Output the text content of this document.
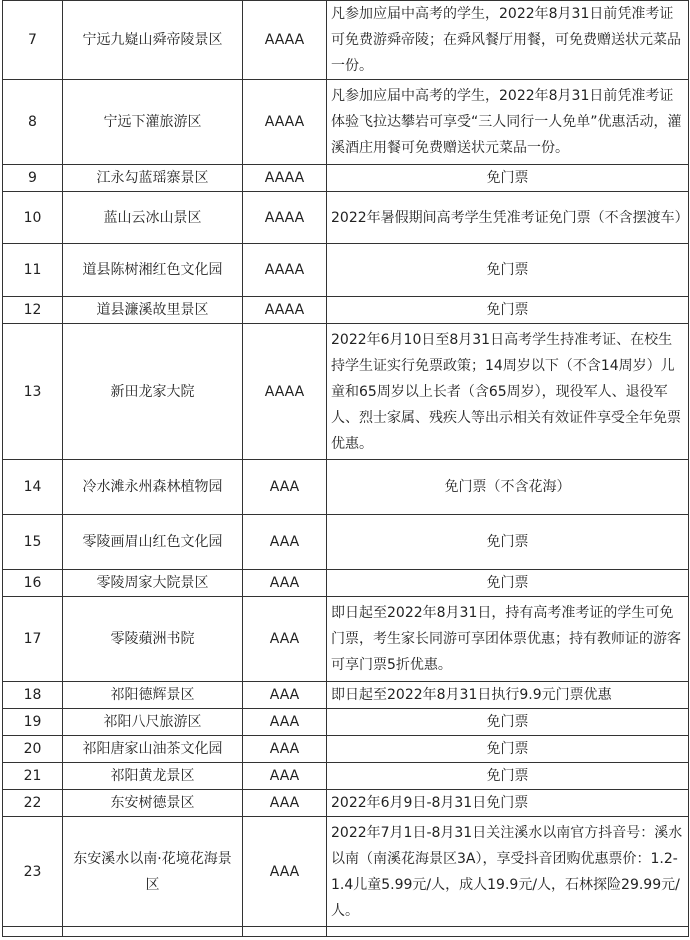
7	宁远九嶷山舜帝陵景区	AAAA	凡参加应届中高考的学生，2022年8月31日前凭准考证可免费游舜帝陵；在舜风餐厅用餐，可免费赠送状元菜品一份。
8	宁远下灌旅游区	AAAA	凡参加应届中高考的学生，2022年8月31日前凭准考证体验飞拉达攀岩可享受“三人同行一人免单”优惠活动，灌溪酒庄用餐可免费赠送状元菜品一份。
9	江永勾蓝瑶寨景区	AAAA	免门票
10	蓝山云冰山景区	AAAA	2022年暑假期间高考学生凭准考证免门票（不含摆渡车）
11	道县陈树湘红色文化园	AAAA	免门票
12	道县濂溪故里景区	AAAA	免门票
13	新田龙家大院	AAAA	2022年6月10日至8月31日高考学生持准考证、在校生持学生证实行免票政策；14周岁以下（不含14周岁）儿童和65周岁以上长者（含65周岁），现役军人、退役军人、烈士家属、残疾人等出示相关有效证件享受全年免票优惠。
14	冷水滩永州森林植物园	AAA	免门票（不含花海）
15	零陵画眉山红色文化园	AAA	免门票
16	零陵周家大院景区	AAA	免门票
17	零陵蘋洲书院	AAA	即日起至2022年8月31日，持有高考准考证的学生可免门票，考生家长同游可享团体票优惠；持有教师证的游客可享门票5折优惠。
18	祁阳德辉景区	AAA	即日起至2022年8月31日执行9.9元门票优惠
19	祁阳八尺旅游区	AAA	免门票
20	祁阳唐家山油茶文化园	AAA	免门票
21	祁阳黄龙景区	AAA	免门票
22	东安树德景区	AAA	2022年6月9日-8月31日免门票
23	东安溪水以南·花境花海景区	AAA	2022年7月1日-8月31日关注溪水以南官方抖音号：溪水以南（南溪花海景区3A），享受抖音团购优惠票价：1.2-1.4儿童5.99元/人，成人19.9元/人，石林探险29.99元/人。
